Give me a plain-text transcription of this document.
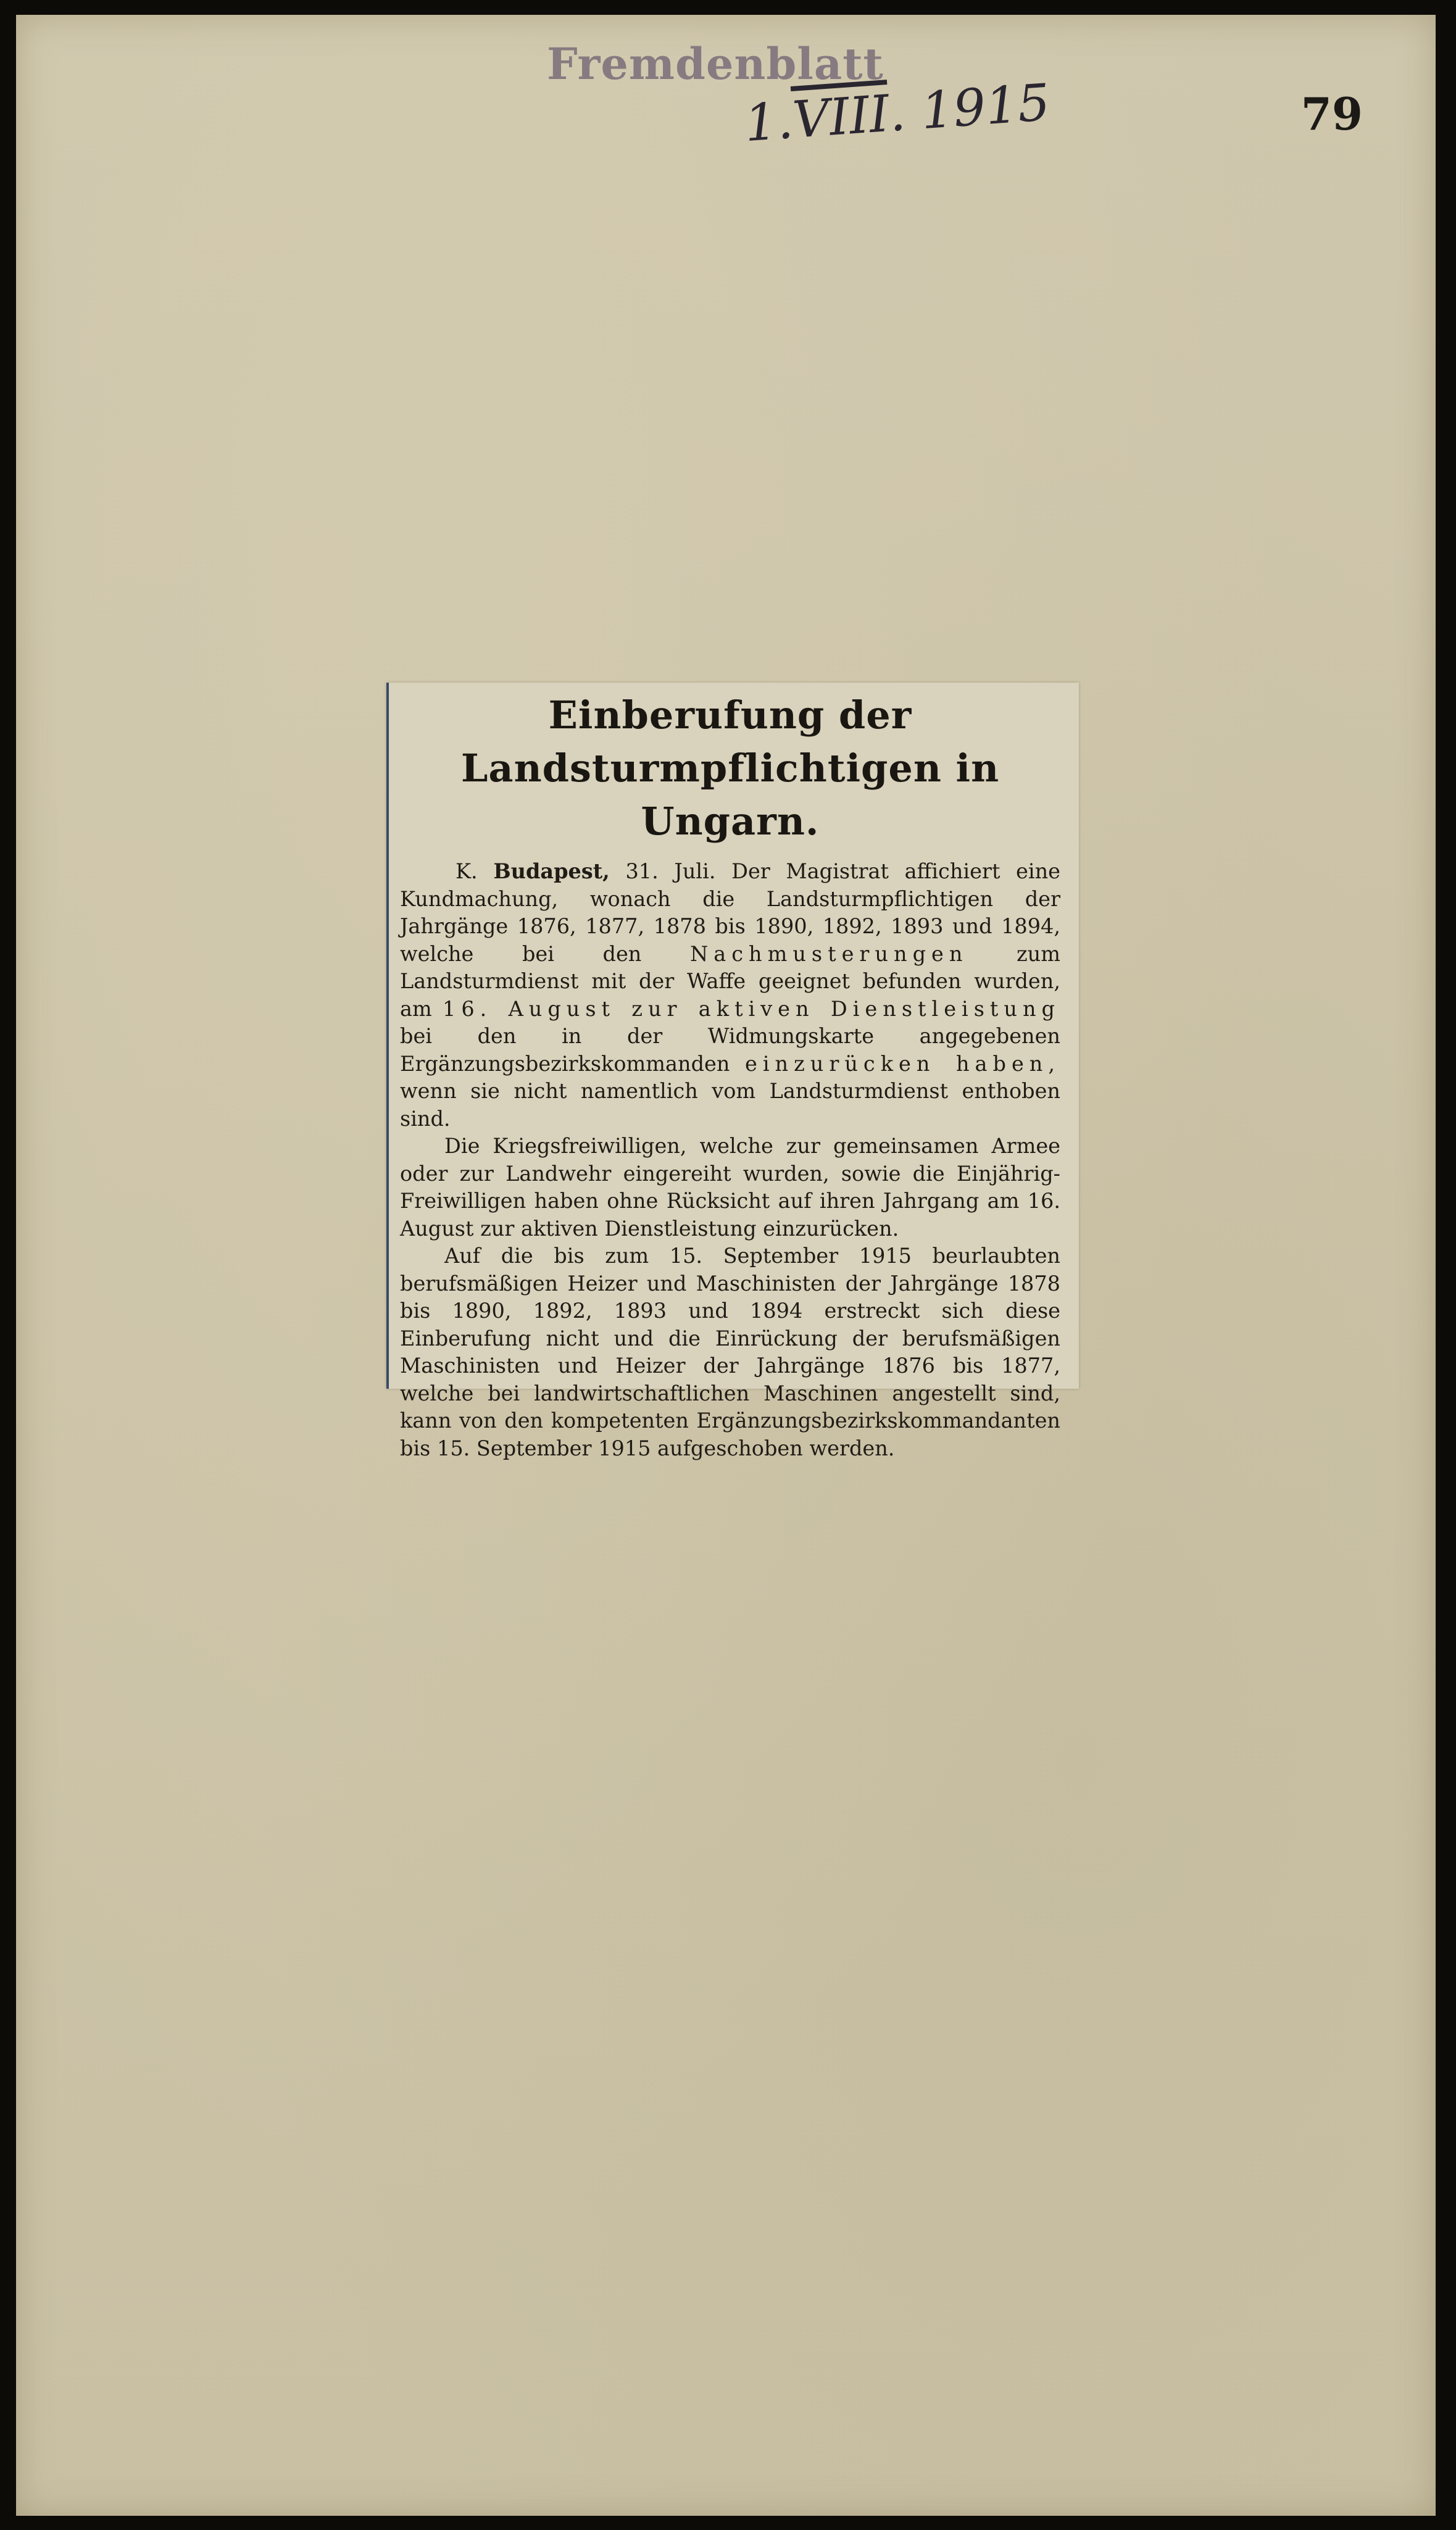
Fremdenblatt
1.VIII. 1915	79
Einberufung der Landsturmpflichtigen in
Ungarn.

K. Budapest, 31. Juli. Der Magistrat affichiert eine Kundmachung, wonach die Landsturmpflichtigen der Jahrgänge 1876, 1877, 1878 bis 1890, 1892, 1893 und 1894, welche bei den Nachmusterungen zum Landsturmdienst mit der Waffe geeignet befunden wurden, am 16. August zur aktiven Dienstleistung bei den in der Widmungskarte angegebenen Ergänzungsbezirkskommanden einzurücken haben, wenn sie nicht namentlich vom Landsturmdienst enthoben sind.

Die Kriegsfreiwilligen, welche zur gemeinsamen Armee oder zur Landwehr eingereiht wurden, sowie die Einjährig-Freiwilligen haben ohne Rücksicht auf ihren Jahrgang am 16. August zur aktiven Dienstleistung einzurücken.

Auf die bis zum 15. September 1915 beurlaubten berufsmäßigen Heizer und Maschinisten der Jahrgänge 1878 bis 1890, 1892, 1893 und 1894 erstreckt sich diese Einberufung nicht und die Einrückung der berufsmäßigen Maschinisten und Heizer der Jahrgänge 1876 bis 1877, welche bei landwirtschaftlichen Maschinen angestellt sind, kann von den kompetenten Ergänzungsbezirkskommandanten bis 15. September 1915 aufgeschoben werden.
